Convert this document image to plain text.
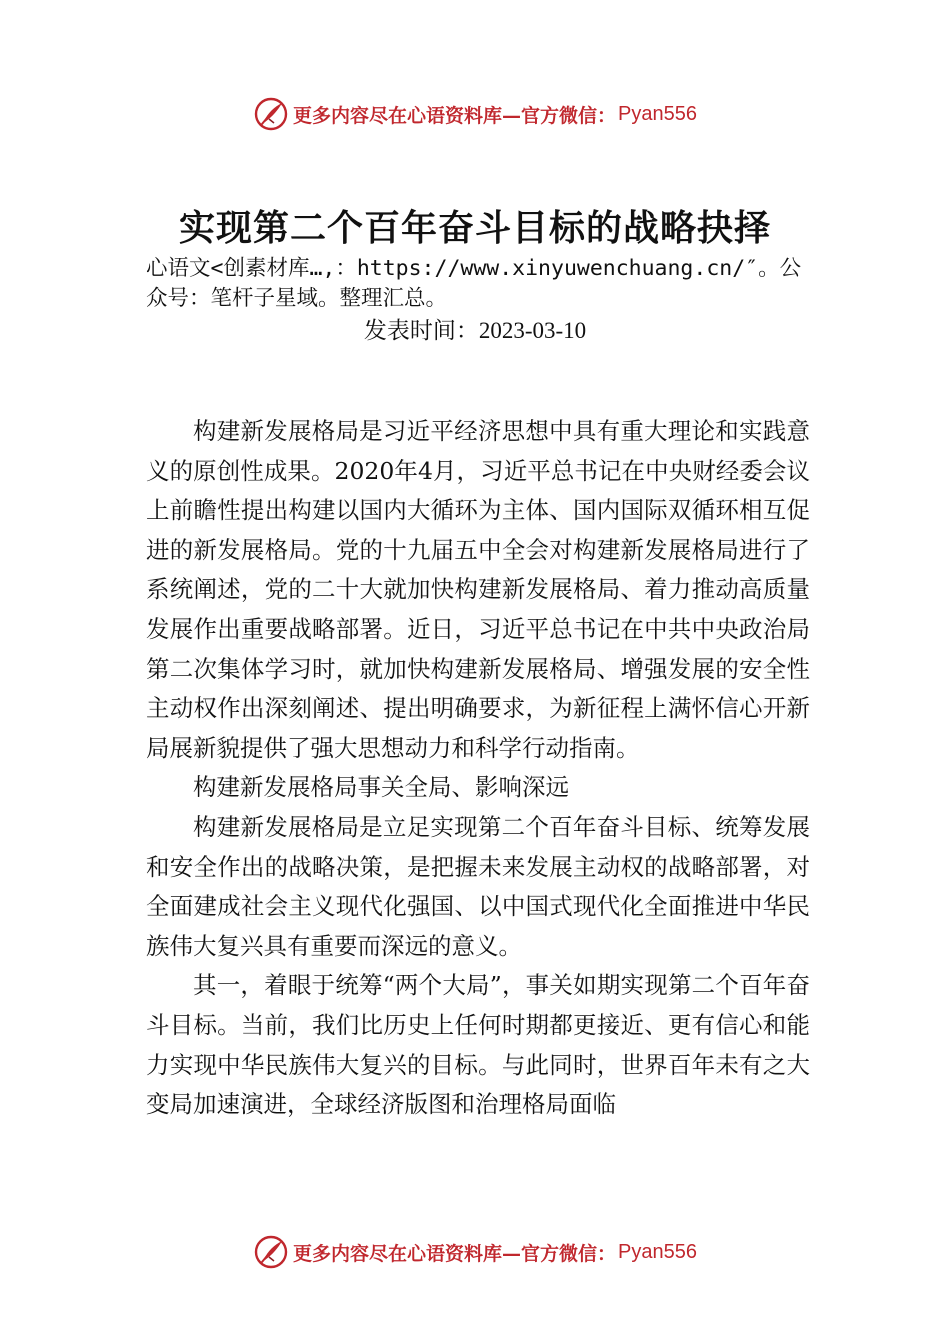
更多内容尽在心语资料库—官方微信： Pyan556
实现第二个百年奋斗目标的战略抉择
心语文<创素材库…,：https://www.xinyuwenchuang.cn/″。公众号：笔杆子星域。整理汇总。
发表时间：2023-03-10

构建新发展格局是习近平经济思想中具有重大理论和实践意义的原创性成果。2020年4月，习近平总书记在中央财经委会议上前瞻性提出构建以国内大循环为主体、国内国际双循环相互促进的新发展格局。党的十九届五中全会对构建新发展格局进行了系统阐述，党的二十大就加快构建新发展格局、着力推动高质量发展作出重要战略部署。近日，习近平总书记在中共中央政治局第二次集体学习时，就加快构建新发展格局、增强发展的安全性主动权作出深刻阐述、提出明确要求，为新征程上满怀信心开新局展新貌提供了强大思想动力和科学行动指南。

构建新发展格局事关全局、影响深远

构建新发展格局是立足实现第二个百年奋斗目标、统筹发展和安全作出的战略决策，是把握未来发展主动权的战略部署，对全面建成社会主义现代化强国、以中国式现代化全面推进中华民族伟大复兴具有重要而深远的意义。

其一，着眼于统筹“两个大局”，事关如期实现第二个百年奋斗目标。当前，我们比历史上任何时期都更接近、更有信心和能力实现中华民族伟大复兴的目标。与此同时，世界百年未有之大变局加速演进，全球经济版图和治理格局面临

更多内容尽在心语资料库—官方微信： Pyan556
